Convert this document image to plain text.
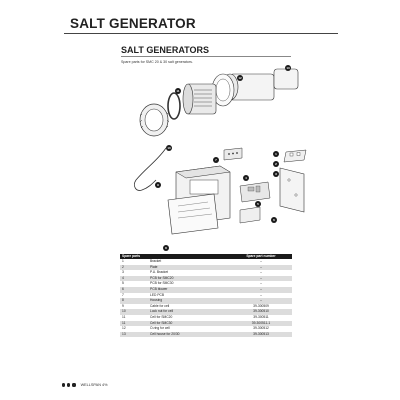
SALT GENERATOR
SALT GENERATORS
Spare parts for SMC 20 & 30 salt generators.
13
12
11
10
9
8
7
1
2
3
4
5
6
Spare parts		Spare part number
1	Bracket	–
2	Plate	–
3	P.U. Bracket	–
4	PCB for SMC20	–
5	PCB for SMC30	–
6	PCB blower	–
7	LED PCB	–
8	Housing	–
9	Cable for cell	39-300509
10	Lock nut for cell	39-300510
11	Cell for SMC20	39-300511
11	Cell for SMC30	39-300511-1
12	O-ring for cell	39-300512
13	Cell house for 20/30	39-300513
WELLSPAN 4%
